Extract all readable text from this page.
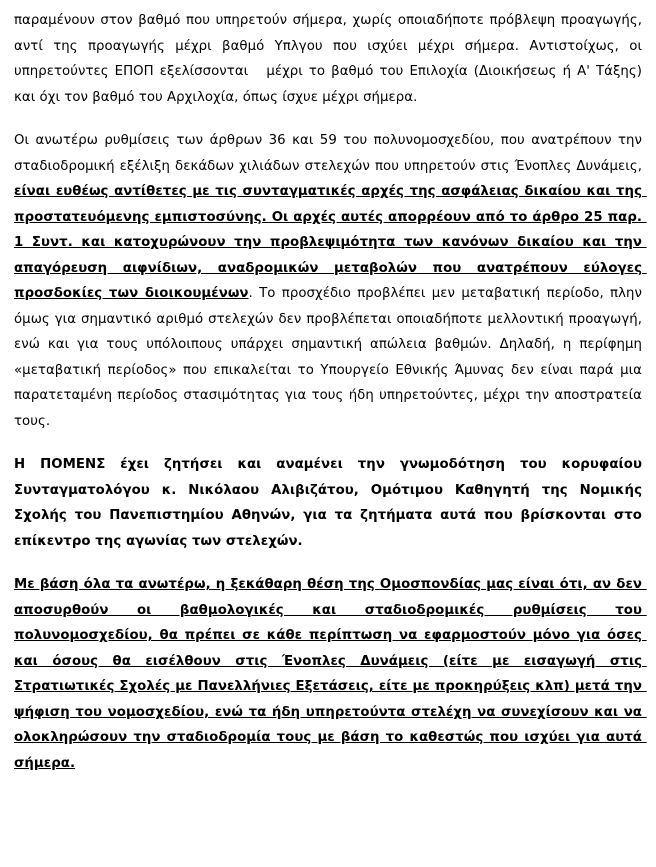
παραμένουν στον βαθμό που υπηρετούν σήμερα, χωρίς οποιαδήποτε πρόβλεψη προαγωγής, αντί της προαγωγής μέχρι βαθμό Υπλγου που ισχύει μέχρι σήμερα. Αντιστοίχως, οι υπηρετούντες ΕΠΟΠ εξελίσσονται   μέχρι το βαθμό του Επιλοχία (Διοικήσεως ή Α' Τάξης) και όχι τον βαθμό του Αρχιλοχία, όπως ίσχυε μέχρι σήμερα.

Οι ανωτέρω ρυθμίσεις των άρθρων 36 και 59 του πολυνομοσχεδίου, που ανατρέπουν την σταδιοδρομική εξέλιξη δεκάδων χιλιάδων στελεχών που υπηρετούν στις Ένοπλες Δυνάμεις, είναι ευθέως αντίθετες με τις συνταγματικές αρχές της ασφάλειας δικαίου και της προστατευόμενης εμπιστοσύνης. Οι αρχές αυτές απορρέουν από το άρθρο 25 παρ. 1 Συντ. και κατοχυρώνουν την προβλεψιμότητα των κανόνων δικαίου και την απαγόρευση αιφνίδιων, αναδρομικών μεταβολών που ανατρέπουν εύλογες προσδοκίες των διοικουμένων. Το προσχέδιο προβλέπει μεν μεταβατική περίοδο, πλην όμως για σημαντικό αριθμό στελεχών δεν προβλέπεται οποιαδήποτε μελλοντική προαγωγή, ενώ και για τους υπόλοιπους υπάρχει σημαντική απώλεια βαθμών. Δηλαδή, η περίφημη «μεταβατική περίοδος» που επικαλείται το Υπουργείο Εθνικής Άμυνας δεν είναι παρά μια παρατεταμένη περίοδος στασιμότητας για τους ήδη υπηρετούντες, μέχρι την αποστρατεία τους.

Η ΠΟΜΕΝΣ έχει ζητήσει και αναμένει την γνωμοδότηση του κορυφαίου Συνταγματολόγου κ. Νικόλαου Αλιβιζάτου, Ομότιμου Καθηγητή της Νομικής Σχολής του Πανεπιστημίου Αθηνών, για τα ζητήματα αυτά που βρίσκονται στο επίκεντρο της αγωνίας των στελεχών.

Με βάση όλα τα ανωτέρω, η ξεκάθαρη θέση της Ομοσπονδίας μας είναι ότι, αν δεν αποσυρθούν οι βαθμολογικές και σταδιοδρομικές ρυθμίσεις του πολυνομοσχεδίου, θα πρέπει σε κάθε περίπτωση να εφαρμοστούν μόνο για όσες και όσους θα εισέλθουν στις Ένοπλες Δυνάμεις (είτε με εισαγωγή στις Στρατιωτικές Σχολές με Πανελλήνιες Εξετάσεις, είτε με προκηρύξεις κλπ) μετά την ψήφιση του νομοσχεδίου, ενώ τα ήδη υπηρετούντα στελέχη να συνεχίσουν και να ολοκληρώσουν την σταδιοδρομία τους με βάση το καθεστώς που ισχύει για αυτά σήμερα.
